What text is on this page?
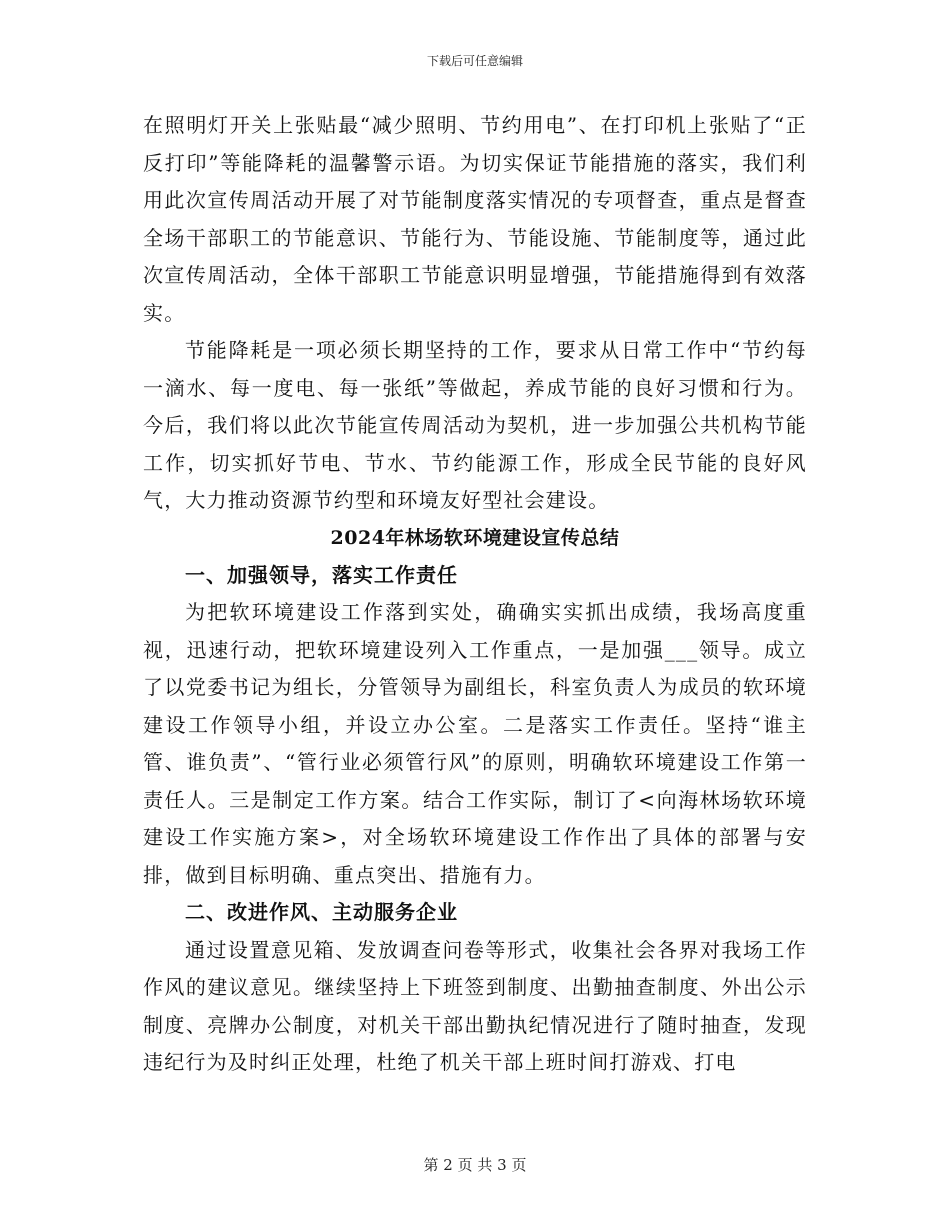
下载后可任意编辑

在照明灯开关上张贴最“减少照明、节约用电”、在打印机上张贴了“正反打印”等能降耗的温馨警示语。为切实保证节能措施的落实，我们利用此次宣传周活动开展了对节能制度落实情况的专项督查，重点是督查全场干部职工的节能意识、节能行为、节能设施、节能制度等，通过此次宣传周活动，全体干部职工节能意识明显增强，节能措施得到有效落实。

节能降耗是一项必须长期坚持的工作，要求从日常工作中“节约每一滴水、每一度电、每一张纸”等做起，养成节能的良好习惯和行为。今后，我们将以此次节能宣传周活动为契机，进一步加强公共机构节能工作，切实抓好节电、节水、节约能源工作，形成全民节能的良好风气，大力推动资源节约型和环境友好型社会建设。

2024年林场软环境建设宣传总结
一、加强领导，落实工作责任

为把软环境建设工作落到实处，确确实实抓出成绩，我场高度重视，迅速行动，把软环境建设列入工作重点，一是加强___领导。成立了以党委书记为组长，分管领导为副组长，科室负责人为成员的软环境建设工作领导小组，并设立办公室。二是落实工作责任。坚持“谁主管、谁负责”、“管行业必须管行风”的原则，明确软环境建设工作第一责任人。三是制定工作方案。结合工作实际，制订了<向海林场软环境建设工作实施方案>，对全场软环境建设工作作出了具体的部署与安排，做到目标明确、重点突出、措施有力。

二、改进作风、主动服务企业

通过设置意见箱、发放调查问卷等形式，收集社会各界对我场工作作风的建议意见。继续坚持上下班签到制度、出勤抽查制度、外出公示制度、亮牌办公制度，对机关干部出勤执纪情况进行了随时抽查，发现违纪行为及时纠正处理，杜绝了机关干部上班时间打游戏、打电

第 2 页 共 3 页
